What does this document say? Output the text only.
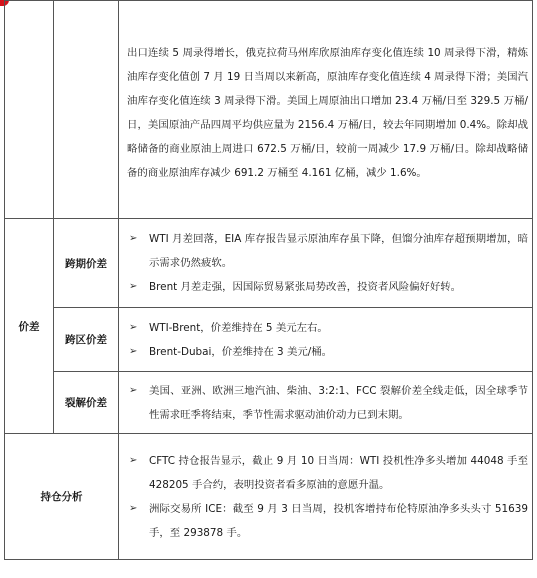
		出口连续 5 周录得增长，俄克拉荷马州库欣原油库存变化值连续 10 周录得下滑，精炼油库存变化值创 7 月 19 日当周以来新高，原油库存变化值连续 4 周录得下滑；美国汽油库存变化值连续 3 周录得下滑。美国上周原油出口增加 23.4 万桶/日至 329.5 万桶/日，美国原油产品四周平均供应量为 2156.4 万桶/日，较去年同期增加 0.4%。除却战略储备的商业原油上周进口 672.5 万桶/日，较前一周减少 17.9 万桶/日。除却战略储备的商业原油库存减少 691.2 万桶至 4.161 亿桶，减少 1.6%。

价差	跨期价差	➢ WTI 月差回落，EIA 库存报告显示原油库存虽下降，但馏分油库存超预期增加，暗示需求仍然疲软。
➢ Brent 月差走强，因国际贸易紧张局势改善，投资者风险偏好好转。

	跨区价差	➢ WTI-Brent，价差维持在 5 美元左右。
➢ Brent-Dubai，价差维持在 3 美元/桶。

	裂解价差	➢ 美国、亚洲、欧洲三地汽油、柴油、3:2:1、FCC 裂解价差全线走低，因全球季节性需求旺季将结束，季节性需求驱动油价动力已到末期。

持仓分析		➢ CFTC 持仓报告显示，截止 9 月 10 日当周：WTI 投机性净多头增加 44048 手至 428205 手合约，表明投资者看多原油的意愿升温。
➢ 洲际交易所 ICE：截至 9 月 3 日当周，投机客增持布伦特原油净多头头寸 51639 手，至 293878 手。
